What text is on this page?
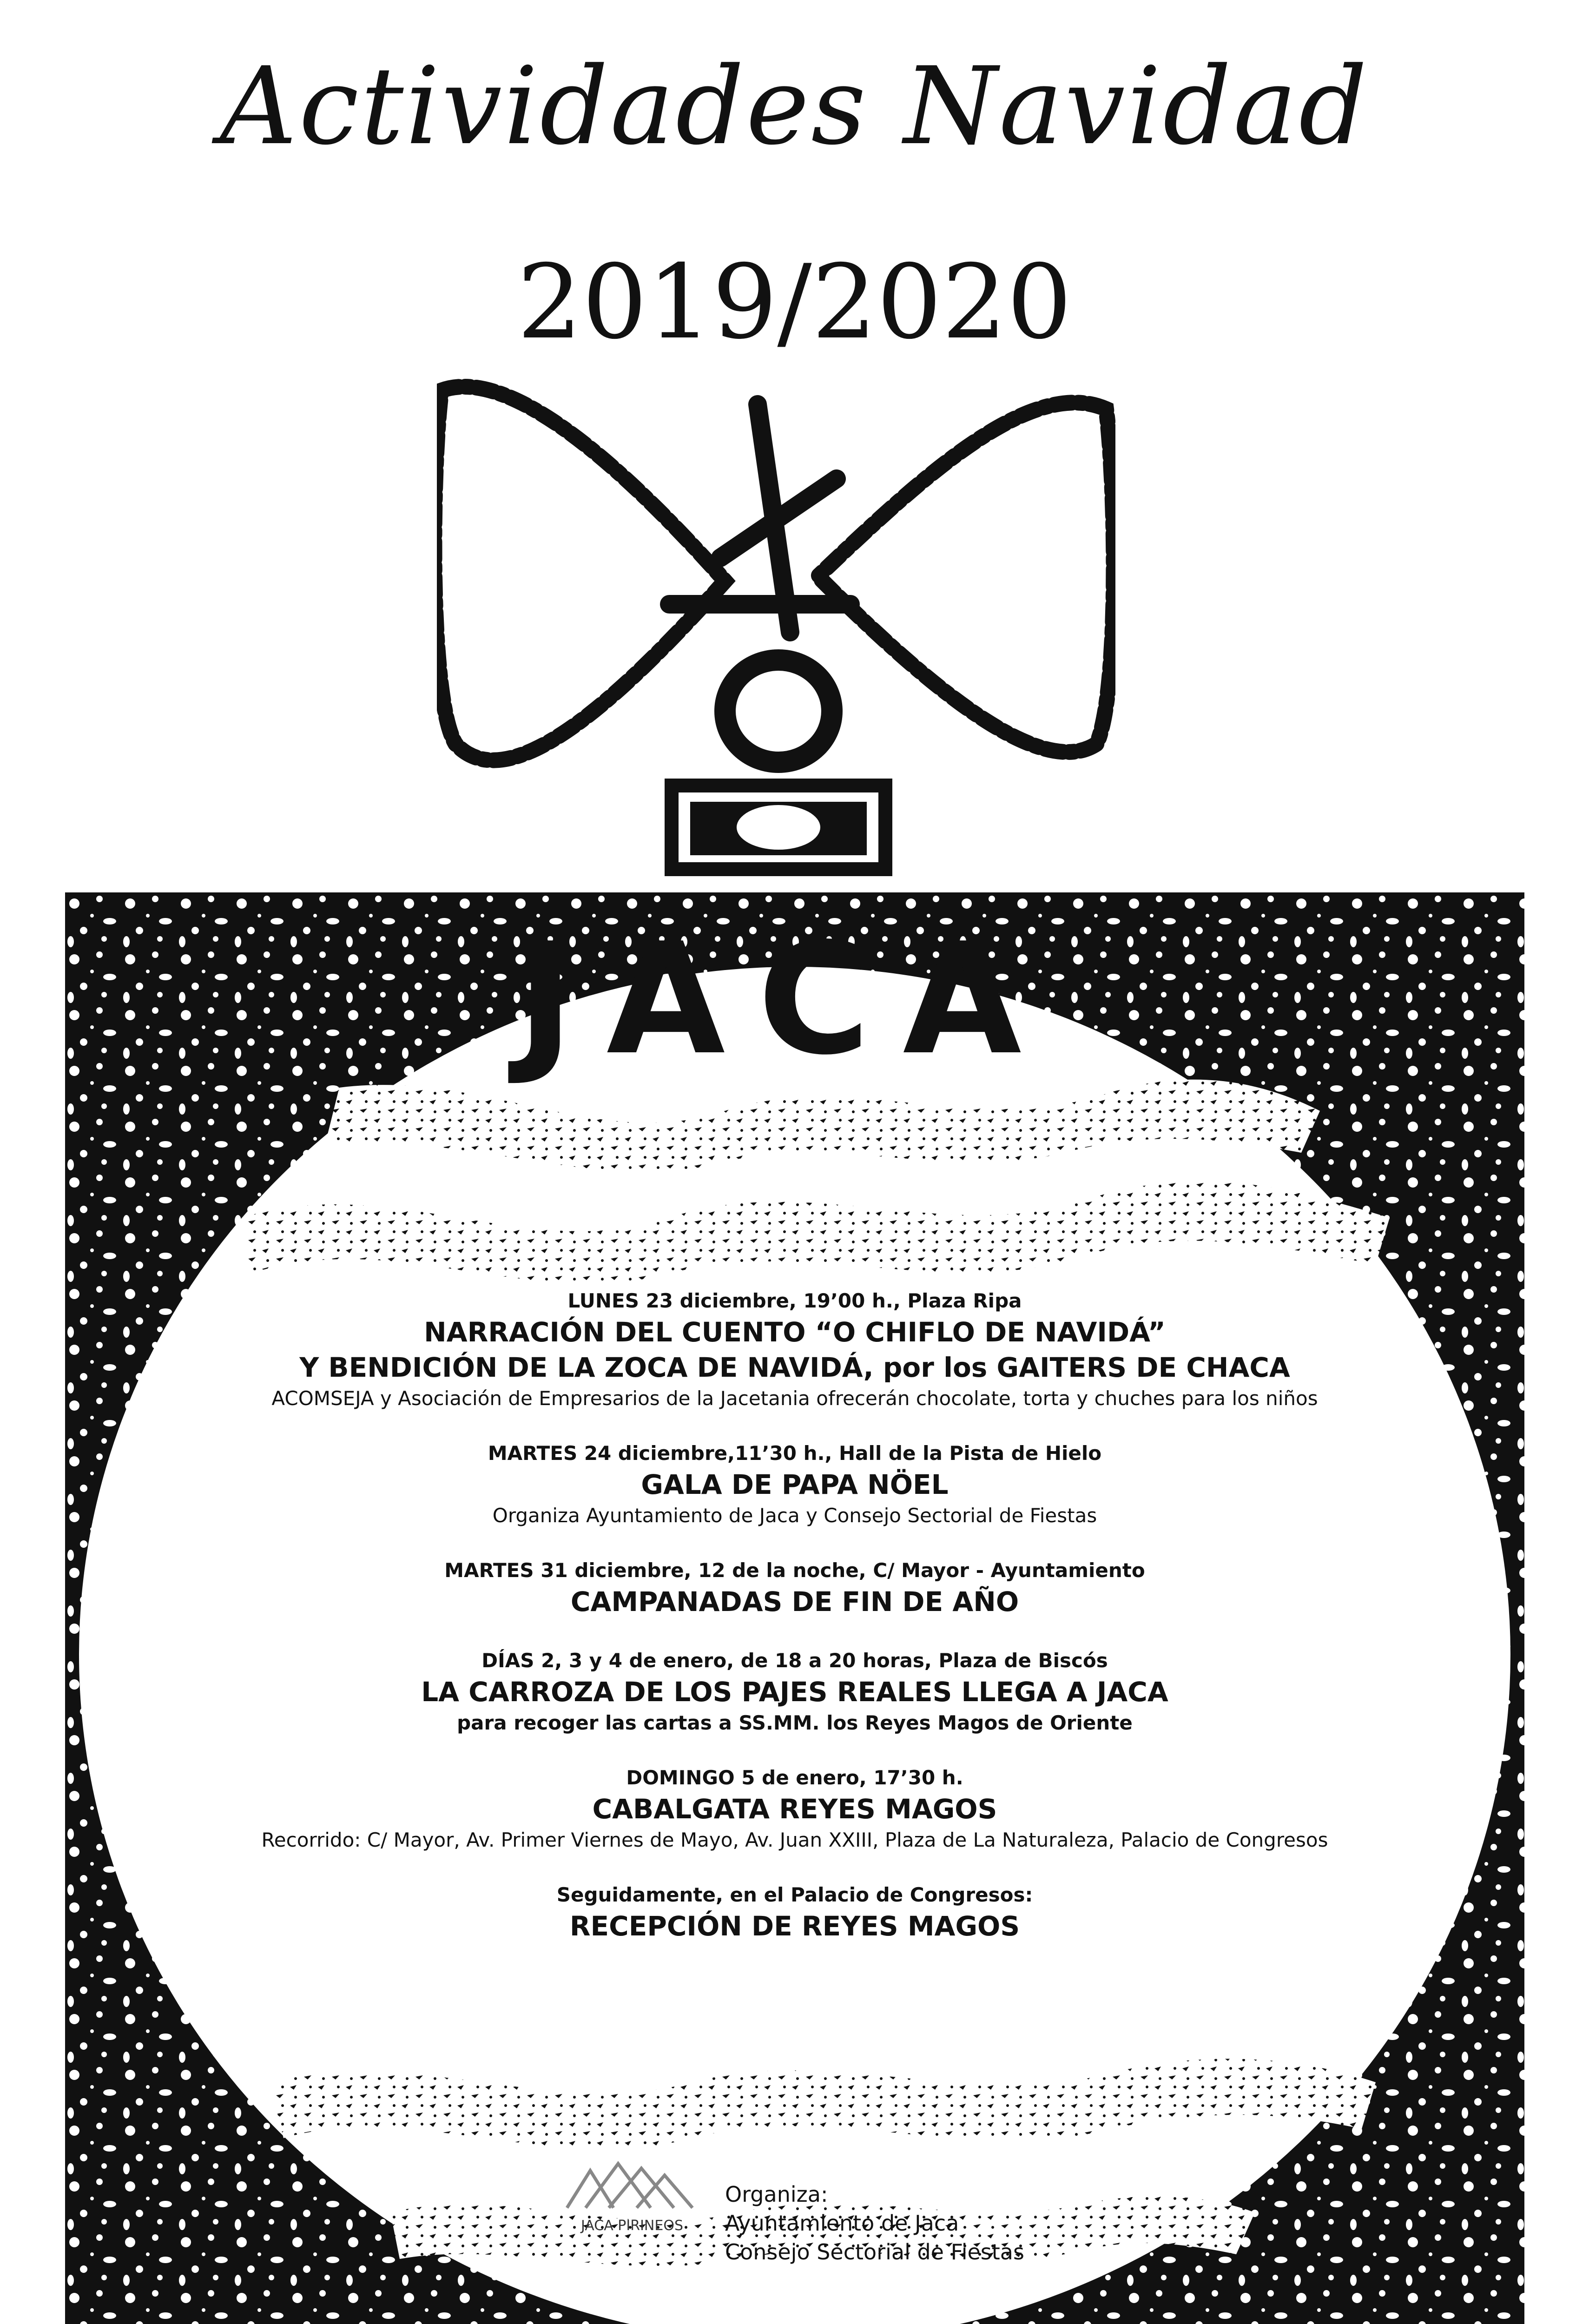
Actividades Navidad
2019/2020
JACA

LUNES 23 diciembre, 19’00 h., Plaza Ripa

NARRACIÓN DEL CUENTO “O CHIFLO DE NAVIDÁ”

Y BENDICIÓN DE LA ZOCA DE NAVIDÁ, por los GAITERS DE CHACA

ACOMSEJA y Asociación de Empresarios de la Jacetania ofrecerán chocolate, torta y chuches para los niños

MARTES 24 diciembre,11’30 h., Hall de la Pista de Hielo

GALA DE PAPA NÖEL

Organiza Ayuntamiento de Jaca y Consejo Sectorial de Fiestas

MARTES 31 diciembre, 12 de la noche, C/ Mayor - Ayuntamiento

CAMPANADAS DE FIN DE AÑO

DÍAS 2, 3 y 4 de enero, de 18 a 20 horas, Plaza de Biscós

LA CARROZA DE LOS PAJES REALES LLEGA A JACA

para recoger las cartas a SS.MM. los Reyes Magos de Oriente

DOMINGO 5 de enero, 17’30 h.

CABALGATA REYES MAGOS

Recorrido: C/ Mayor, Av. Primer Viernes de Mayo, Av. Juan XXIII, Plaza de La Naturaleza, Palacio de Congresos

Seguidamente, en el Palacio de Congresos:

RECEPCIÓN DE REYES MAGOS

JACA PIRINEOS
Organiza:
Ayuntamiento de Jaca
Consejo Sectorial de Fiestas
